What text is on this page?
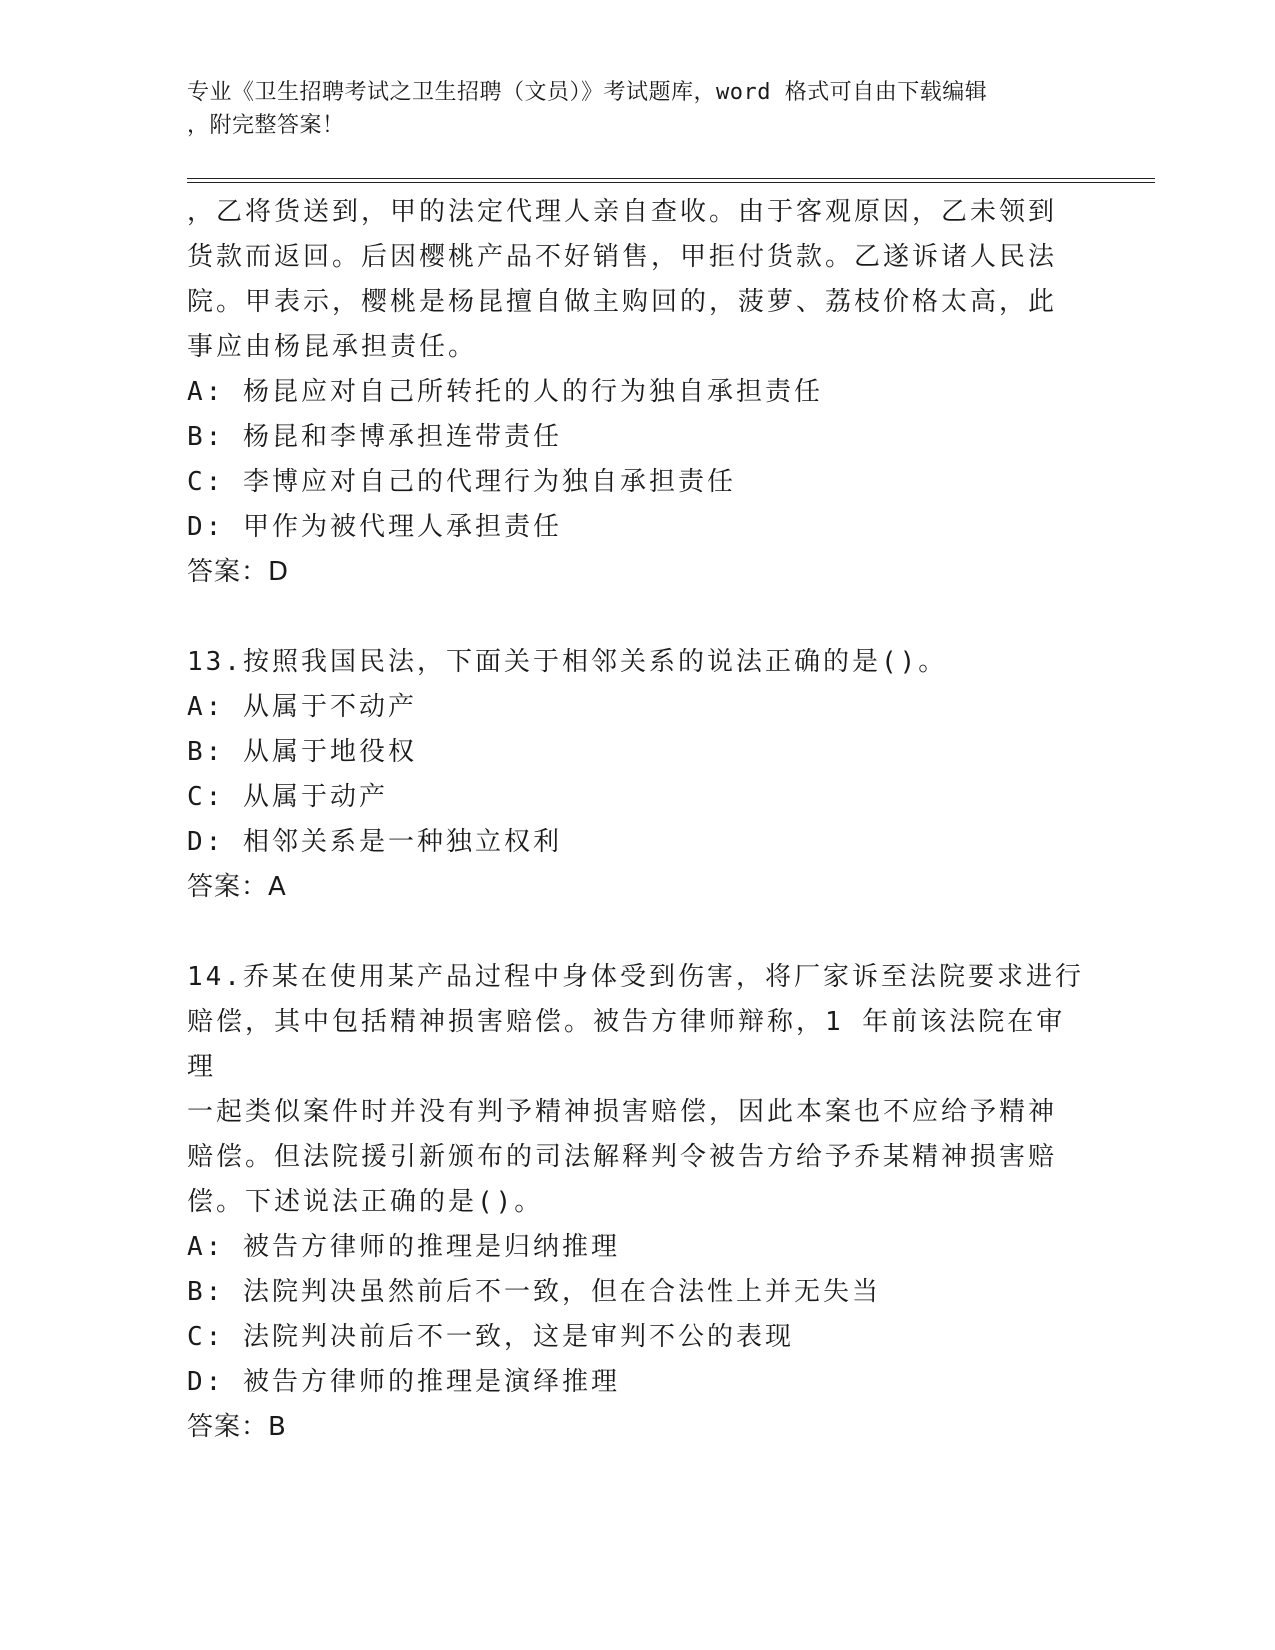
专业《卫生招聘考试之卫生招聘（文员）》考试题库，word 格式可自由下载编辑
，附完整答案！

，乙将货送到，甲的法定代理人亲自查收。由于客观原因，乙未领到

货款而返回。后因樱桃产品不好销售，甲拒付货款。乙遂诉诸人民法

院。甲表示，樱桃是杨昆擅自做主购回的，菠萝、荔枝价格太高，此

事应由杨昆承担责任。

A: 杨昆应对自己所转托的人的行为独自承担责任

B: 杨昆和李博承担连带责任

C: 李博应对自己的代理行为独自承担责任

D: 甲作为被代理人承担责任

答案：D

13.按照我国民法，下面关于相邻关系的说法正确的是()。

A: 从属于不动产

B: 从属于地役权

C: 从属于动产

D: 相邻关系是一种独立权利

答案：A

14.乔某在使用某产品过程中身体受到伤害，将厂家诉至法院要求进行

赔偿，其中包括精神损害赔偿。被告方律师辩称，1 年前该法院在审理

一起类似案件时并没有判予精神损害赔偿，因此本案也不应给予精神

赔偿。但法院援引新颁布的司法解释判令被告方给予乔某精神损害赔

偿。下述说法正确的是()。

A: 被告方律师的推理是归纳推理

B: 法院判决虽然前后不一致，但在合法性上并无失当

C: 法院判决前后不一致，这是审判不公的表现

D: 被告方律师的推理是演绎推理

答案：B
